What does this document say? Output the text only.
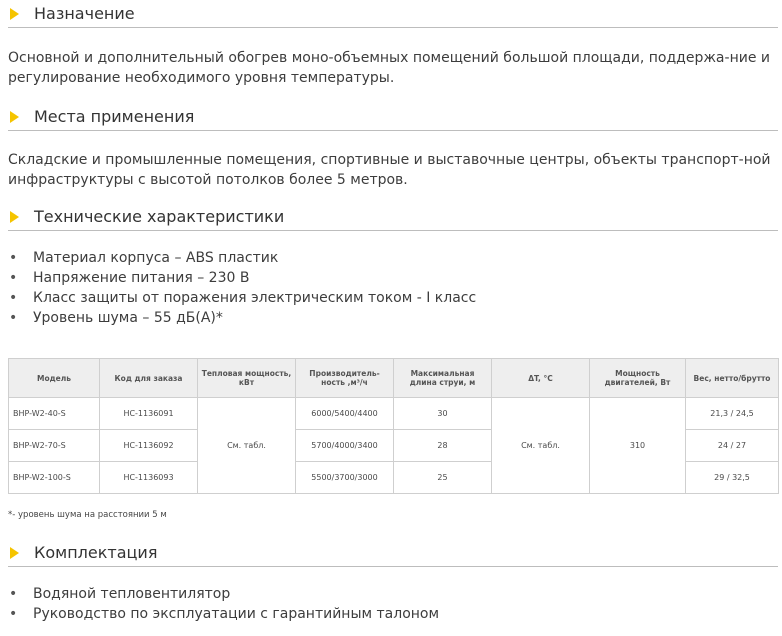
Назначение

Основной и дополнительный обогрев моно-объемных помещений большой площади, поддержа-ние и регулирование необходимого уровня температуры.

Места применения

Складские и промышленные помещения, спортивные и выставочные центры, объекты транспорт-ной инфраструктуры с высотой потолков более 5 метров.

Технические характеристики
• Материал корпуса – ABS пластик
• Напряжение питания – 230 В
• Класс защиты от поражения электрическим током - I класс
• Уровень шума – 55 дБ(А)*
Модель	Код для заказа	Тепловая мощность, кВт	Производитель-ность ,м³/ч	Максимальная длина струи, м	ΔT, °C	Мощность двигателей, Вт	Вес, нетто/брутто
BHP-W2-40-S	HC-1136091	См. табл.	6000/5400/4400	30	См. табл.	310	21,3 / 24,5
BHP-W2-70-S	HC-1136092		5700/4000/3400	28			24 / 27
BHP-W2-100-S	HC-1136093		5500/3700/3000	25			29 / 32,5

*- уровень шума на расстоянии 5 м

Комплектация
• Водяной тепловентилятор
• Руководство по эксплуатации с гарантийным талоном
